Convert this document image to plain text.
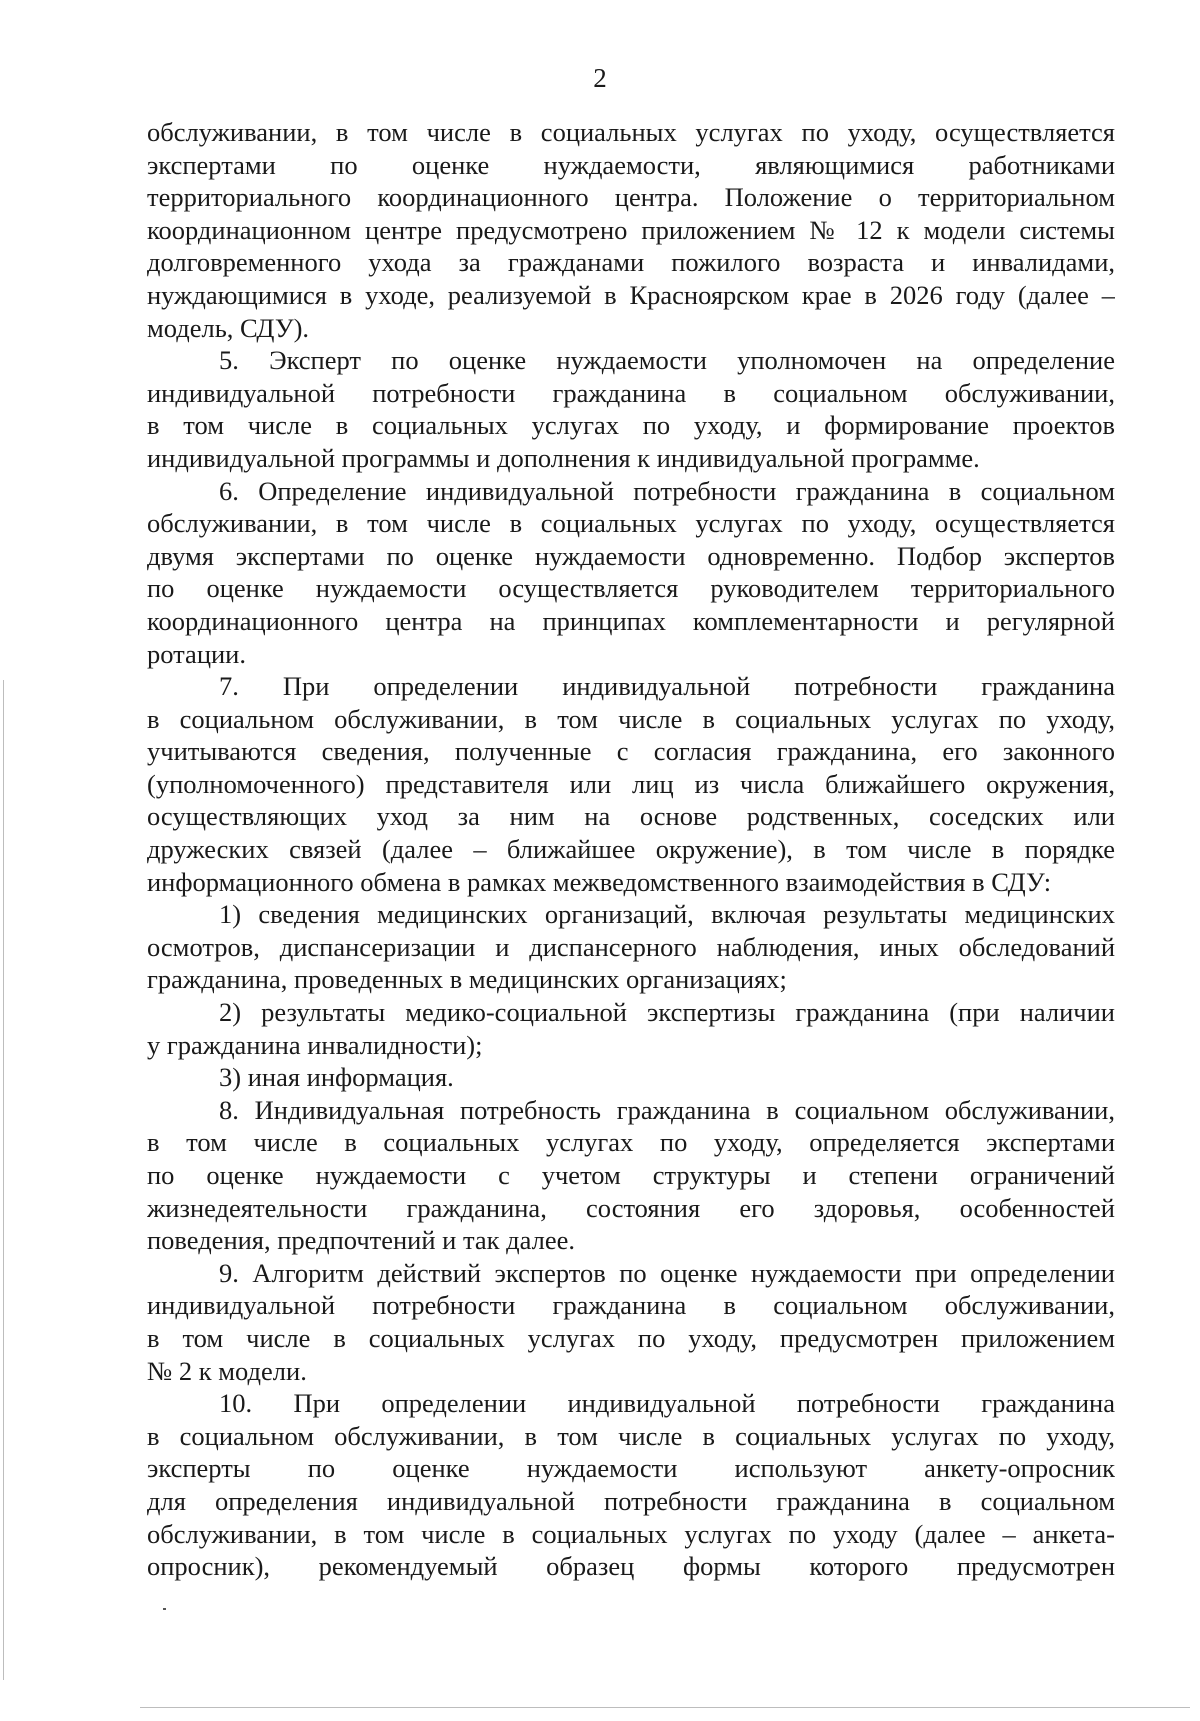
2
обслуживании, в том числе в социальных услугах по уходу, осуществляется
экспертами по оценке нуждаемости, являющимися работниками
территориального координационного центра. Положение о территориальном
координационном центре предусмотрено приложением № 12 к модели системы
долговременного ухода за гражданами пожилого возраста и инвалидами,
нуждающимися в уходе, реализуемой в Красноярском крае в 2026 году (далее –
модель, СДУ).
5. Эксперт по оценке нуждаемости уполномочен на определение
индивидуальной потребности гражданина в социальном обслуживании,
в том числе в социальных услугах по уходу, и формирование проектов
индивидуальной программы и дополнения к индивидуальной программе.
6. Определение индивидуальной потребности гражданина в социальном
обслуживании, в том числе в социальных услугах по уходу, осуществляется
двумя экспертами по оценке нуждаемости одновременно. Подбор экспертов
по оценке нуждаемости осуществляется руководителем территориального
координационного центра на принципах комплементарности и регулярной
ротации.
7. При определении индивидуальной потребности гражданина
в социальном обслуживании, в том числе в социальных услугах по уходу,
учитываются сведения, полученные с согласия гражданина, его законного
(уполномоченного) представителя или лиц из числа ближайшего окружения,
осуществляющих уход за ним на основе родственных, соседских или
дружеских связей (далее – ближайшее окружение), в том числе в порядке
информационного обмена в рамках межведомственного взаимодействия в СДУ:
1) сведения медицинских организаций, включая результаты медицинских
осмотров, диспансеризации и диспансерного наблюдения, иных обследований
гражданина, проведенных в медицинских организациях;
2) результаты медико-социальной экспертизы гражданина (при наличии
у гражданина инвалидности);
3) иная информация.
8. Индивидуальная потребность гражданина в социальном обслуживании,
в том числе в социальных услугах по уходу, определяется экспертами
по оценке нуждаемости с учетом структуры и степени ограничений
жизнедеятельности гражданина, состояния его здоровья, особенностей
поведения, предпочтений и так далее.
9. Алгоритм действий экспертов по оценке нуждаемости при определении
индивидуальной потребности гражданина в социальном обслуживании,
в том числе в социальных услугах по уходу, предусмотрен приложением
№ 2 к модели.
10. При определении индивидуальной потребности гражданина
в социальном обслуживании, в том числе в социальных услугах по уходу,
эксперты по оценке нуждаемости используют анкету-опросник
для определения индивидуальной потребности гражданина в социальном
обслуживании, в том числе в социальных услугах по уходу (далее – анкета-
опросник), рекомендуемый образец формы которого предусмотрен
